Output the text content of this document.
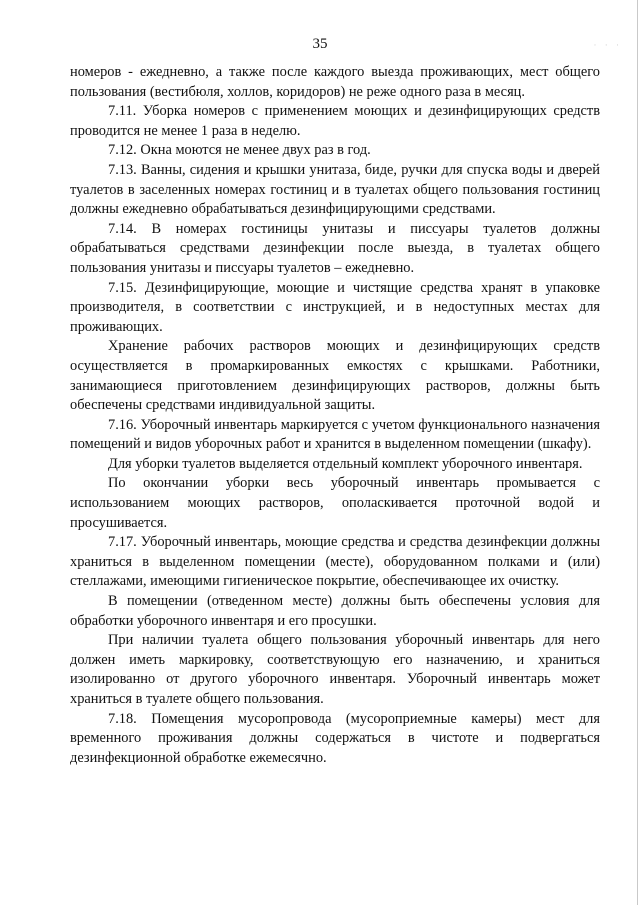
· · ·
35

номеров - ежедневно, а также после каждого выезда проживающих, мест общего пользования (вестибюля, холлов, коридоров) не реже одного раза в месяц.

7.11. Уборка номеров с применением моющих и дезинфицирующих средств проводится не менее 1 раза в неделю.

7.12. Окна моются не менее двух раз в год.

7.13. Ванны, сидения и крышки унитаза, биде, ручки для спуска воды и дверей туалетов в заселенных номерах гостиниц и в туалетах общего пользования гостиниц должны ежедневно обрабатываться дезинфицирующими средствами.

7.14. В номерах гостиницы унитазы и писсуары туалетов должны обрабатываться средствами дезинфекции после выезда, в туалетах общего пользования унитазы и писсуары туалетов – ежедневно.

7.15. Дезинфицирующие, моющие и чистящие средства хранят в упаковке производителя, в соответствии с инструкцией, и в недоступных местах для проживающих.

Хранение рабочих растворов моющих и дезинфицирующих средств осуществляется в промаркированных емкостях с крышками. Работники, занимающиеся приготовлением дезинфицирующих растворов, должны быть обеспечены средствами индивидуальной защиты.

7.16. Уборочный инвентарь маркируется с учетом функционального назначения помещений и видов уборочных работ и хранится в выделенном помещении (шкафу).

Для уборки туалетов выделяется отдельный комплект уборочного инвентаря.

По окончании уборки весь уборочный инвентарь промывается с использованием моющих растворов, ополаскивается проточной водой и просушивается.

7.17. Уборочный инвентарь, моющие средства и средства дезинфекции должны храниться в выделенном помещении (месте), оборудованном полками и (или) стеллажами, имеющими гигиеническое покрытие, обеспечивающее их очистку.

В помещении (отведенном месте) должны быть обеспечены условия для обработки уборочного инвентаря и его просушки.

При наличии туалета общего пользования уборочный инвентарь для него должен иметь маркировку, соответствующую его назначению, и храниться изолированно от другого уборочного инвентаря. Уборочный инвентарь может храниться в туалете общего пользования.

7.18. Помещения мусоропровода (мусороприемные камеры) мест для временного проживания должны содержаться в чистоте и подвергаться дезинфекционной обработке ежемесячно.
